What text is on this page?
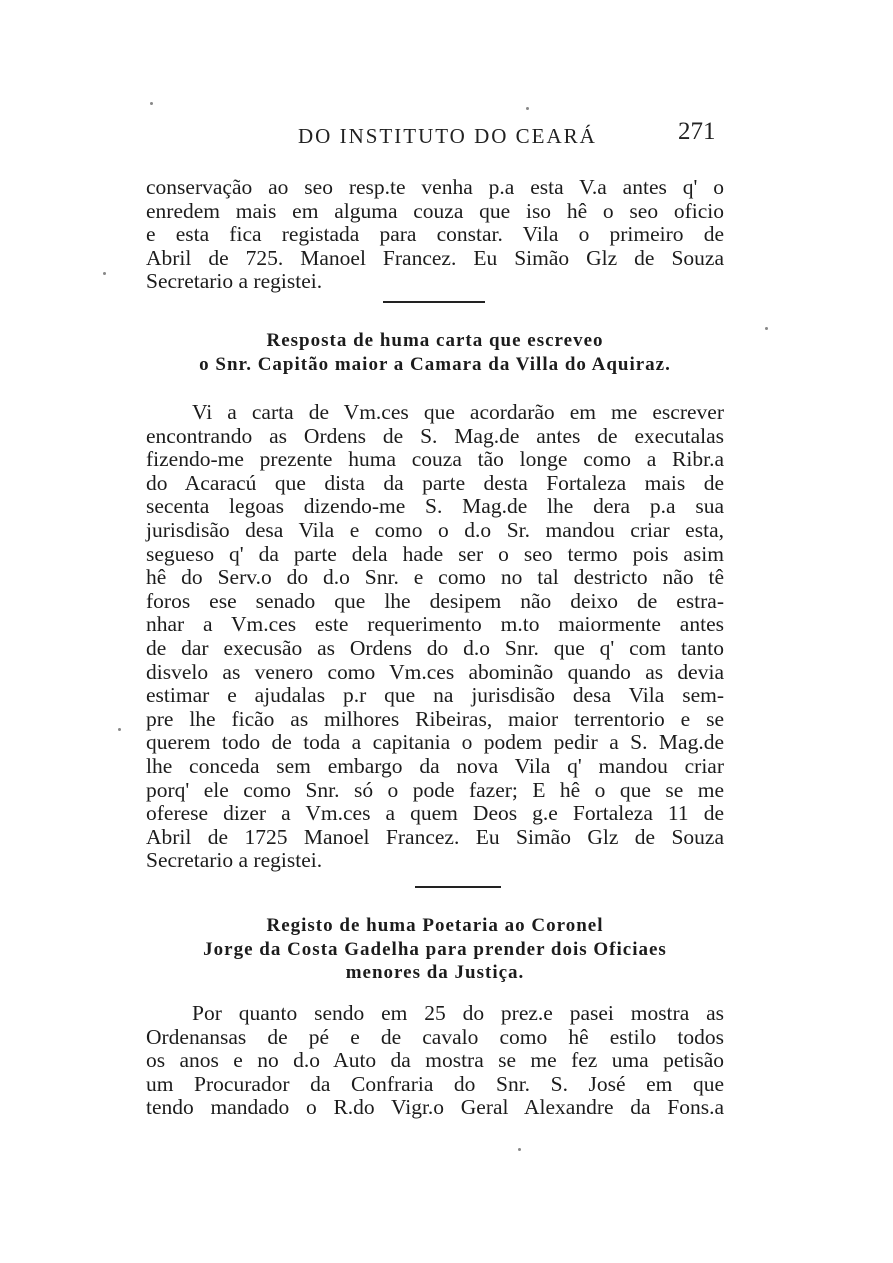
DO INSTITUTO DO CEARÁ	271
conservação ao seo resp.te venha p.a esta V.a antes q' o
enredem mais em alguma couza que iso hê o seo oficio
e esta fica registada para constar. Vila o primeiro de
Abril de 725. Manoel Francez. Eu Simão Glz de Souza
Secretario a registei.
Resposta de huma carta que escreveo
o Snr. Capitão maior a Camara da Villa do Aquiraz.
Vi a carta de Vm.ces que acordarão em me escrever
encontrando as Ordens de S. Mag.de antes de executalas
fizendo-me prezente huma couza tão longe como a Ribr.a
do Acaracú que dista da parte desta Fortaleza mais de
secenta legoas dizendo-me S. Mag.de lhe dera p.a sua
jurisdisão desa Vila e como o d.o Sr. mandou criar esta,
segueso q' da parte dela hade ser o seo termo pois asim
hê do Serv.o do d.o Snr. e como no tal destricto não tê
foros ese senado que lhe desipem não deixo de estra-
nhar a Vm.ces este requerimento m.to maiormente antes
de dar execusão as Ordens do d.o Snr. que q' com tanto
disvelo as venero como Vm.ces abominão quando as devia
estimar e ajudalas p.r que na jurisdisão desa Vila sem-
pre lhe ficão as milhores Ribeiras, maior terrentorio e se
querem todo de toda a capitania o podem pedir a S. Mag.de
lhe conceda sem embargo da nova Vila q' mandou criar
porq' ele como Snr. só o pode fazer; E hê o que se me
oferese dizer a Vm.ces a quem Deos g.e Fortaleza 11 de
Abril de 1725 Manoel Francez. Eu Simão Glz de Souza
Secretario a registei.
Registo de huma Poetaria ao Coronel
Jorge da Costa Gadelha para prender dois Oficiaes
menores da Justiça.
Por quanto sendo em 25 do prez.e pasei mostra as
Ordenansas de pé e de cavalo como hê estilo todos
os anos e no d.o Auto da mostra se me fez uma petisão
um Procurador da Confraria do Snr. S. José em que
tendo mandado o R.do Vigr.o Geral Alexandre da Fons.a
